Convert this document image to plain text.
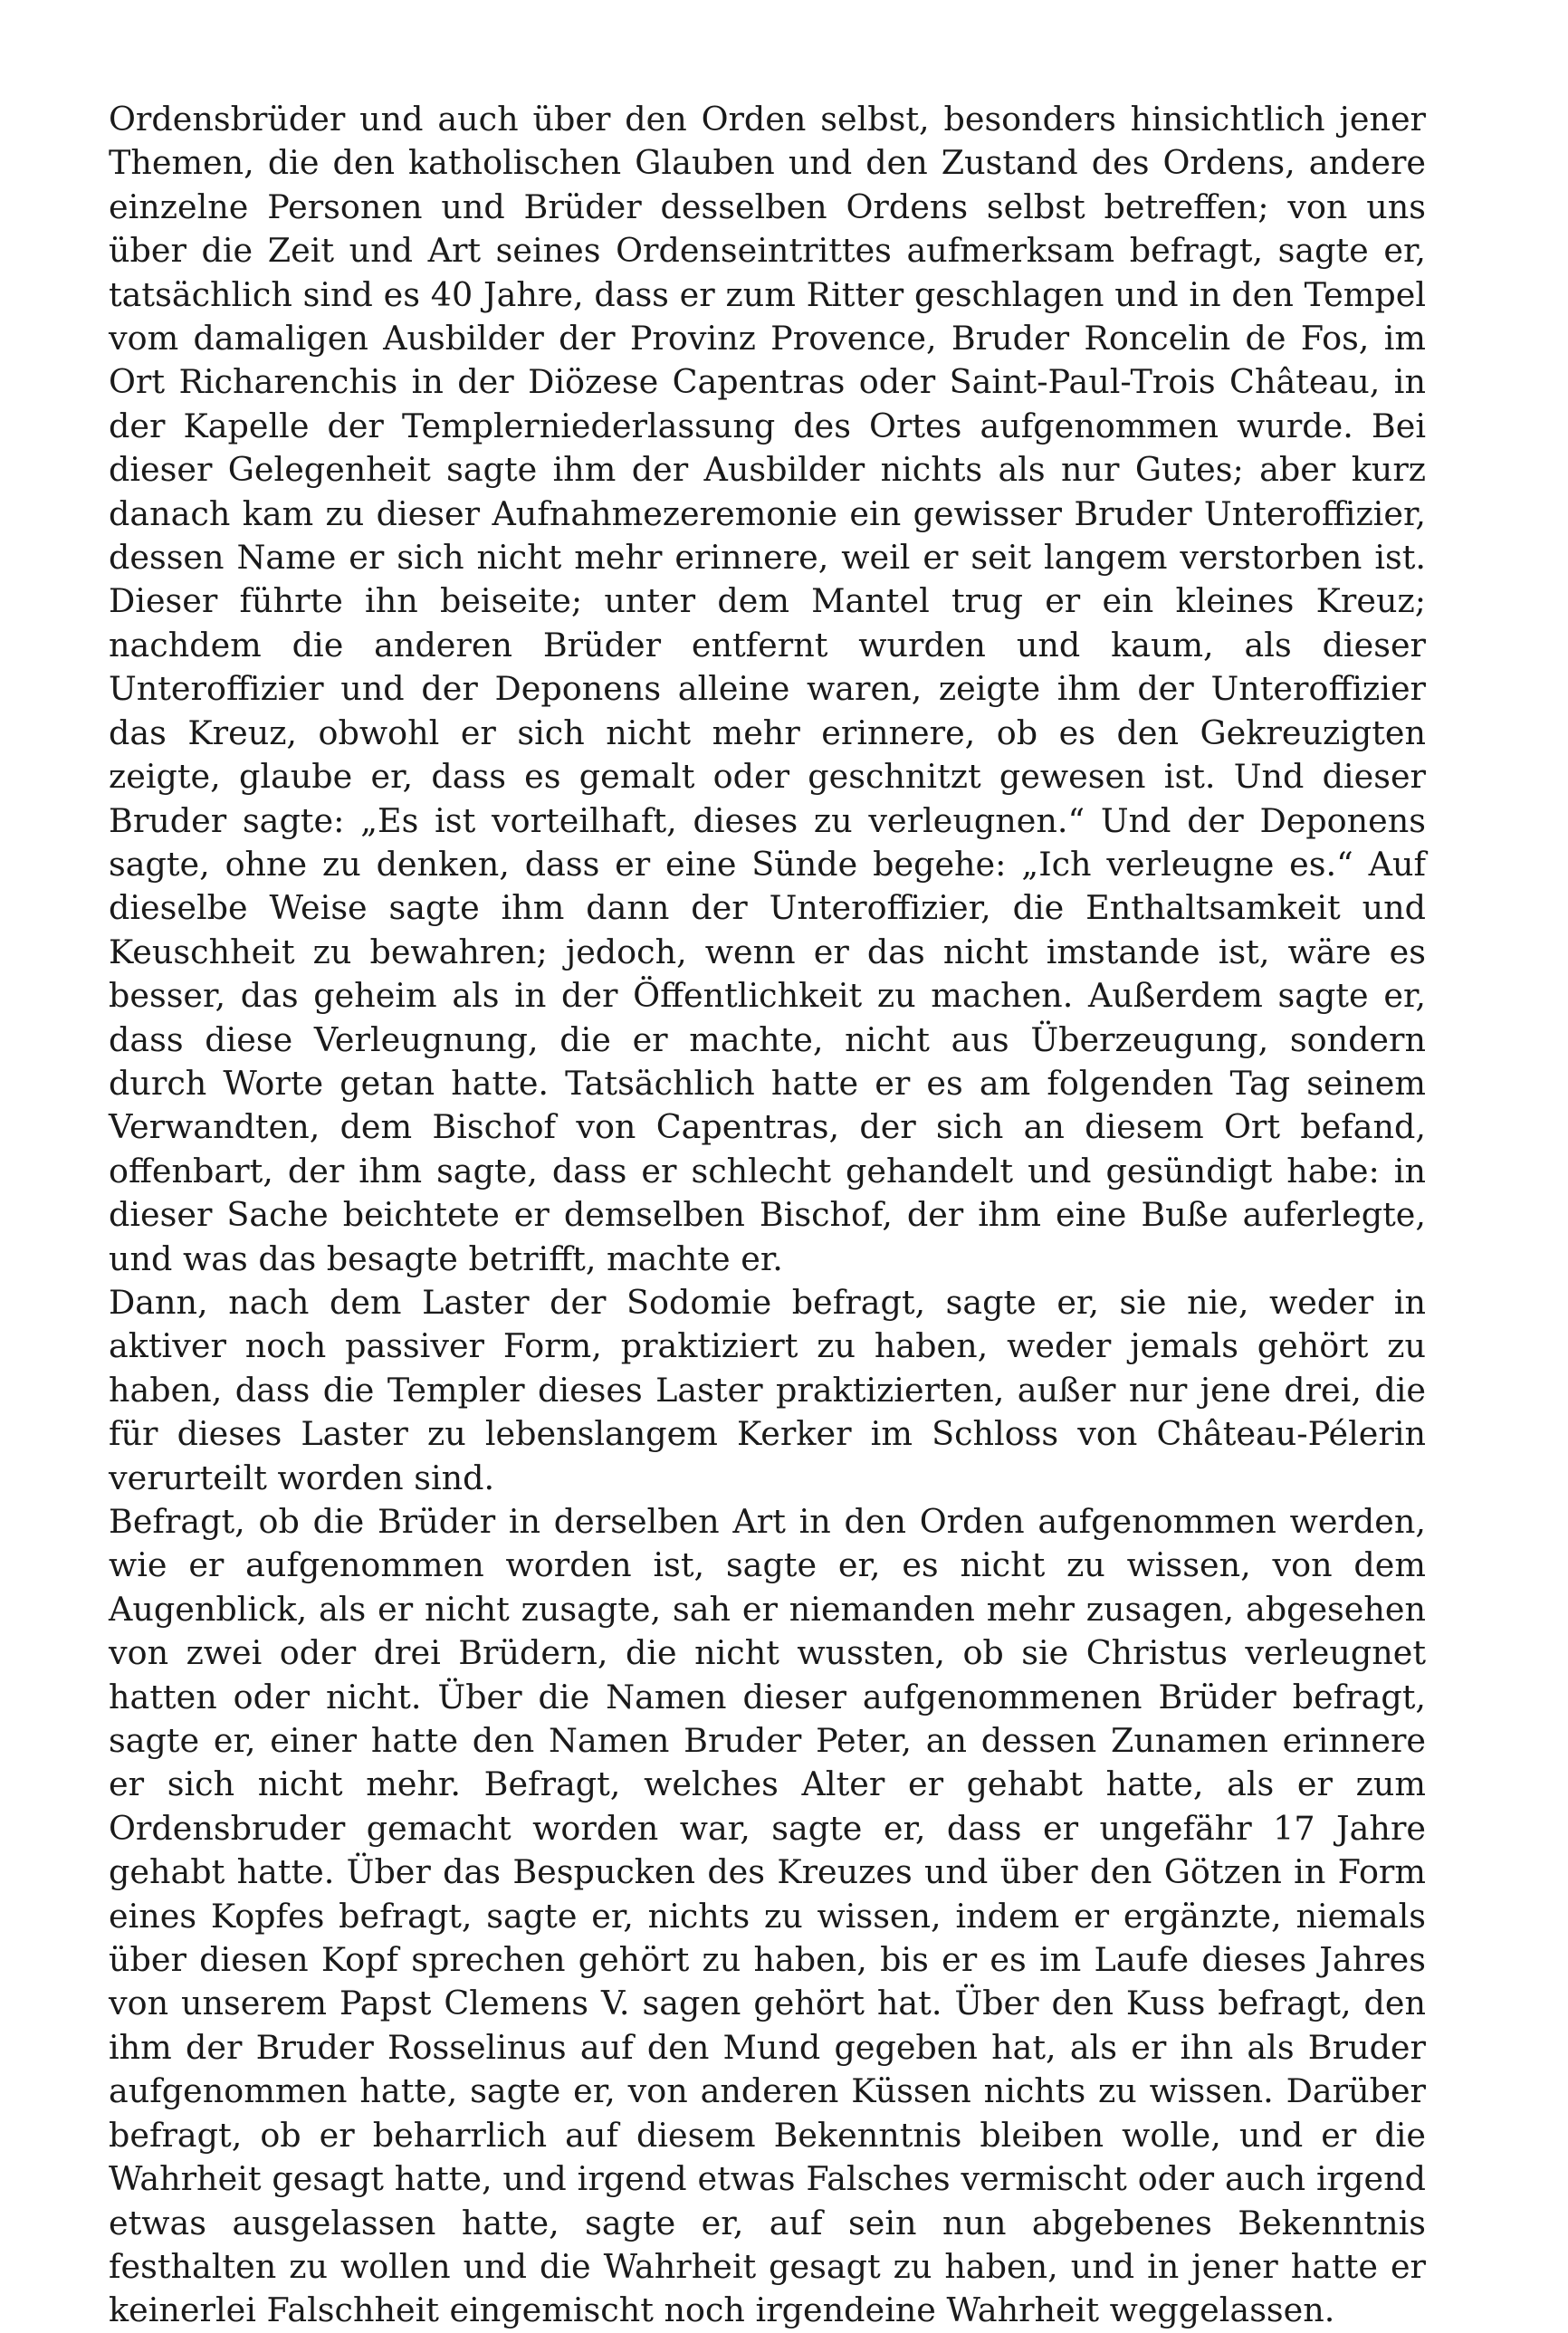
Ordensbrüder und auch über den Orden selbst, besonders hinsichtlich jener Themen, die den katholischen Glauben und den Zustand des Ordens, andere einzelne Personen und Brüder desselben Ordens selbst betreffen; von uns über die Zeit und Art seines Ordenseintrittes aufmerksam befragt, sagte er, tatsächlich sind es 40 Jahre, dass er zum Ritter geschlagen und in den Tempel vom damaligen Ausbilder der Provinz Provence, Bruder Roncelin de Fos, im Ort Richarenchis in der Diözese Capentras oder Saint-Paul-Trois Château, in der Kapelle der Templerniederlassung des Ortes aufgenommen wurde. Bei dieser Gelegenheit sagte ihm der Ausbilder nichts als nur Gutes; aber kurz danach kam zu dieser Aufnahmezeremonie ein gewisser Bruder Unteroffizier, dessen Name er sich nicht mehr erinnere, weil er seit langem verstorben ist. Dieser führte ihn beiseite; unter dem Mantel trug er ein kleines Kreuz; nachdem die anderen Brüder entfernt wurden und kaum, als dieser Unteroffizier und der Deponens alleine waren, zeigte ihm der Unteroffizier das Kreuz, obwohl er sich nicht mehr erinnere, ob es den Gekreuzigten zeigte, glaube er, dass es gemalt oder geschnitzt gewesen ist. Und dieser Bruder sagte: „Es ist vorteilhaft, dieses zu verleugnen.“ Und der Deponens sagte, ohne zu denken, dass er eine Sünde begehe: „Ich verleugne es.“ Auf dieselbe Weise sagte ihm dann der Unteroffizier, die Enthaltsamkeit und Keuschheit zu bewahren; jedoch, wenn er das nicht imstande ist, wäre es besser, das geheim als in der Öffentlichkeit zu machen. Außerdem sagte er, dass diese Verleugnung, die er machte, nicht aus Überzeugung, sondern durch Worte getan hatte. Tatsächlich hatte er es am folgenden Tag seinem Verwandten, dem Bischof von Capentras, der sich an diesem Ort befand, offenbart, der ihm sagte, dass er schlecht gehandelt und gesündigt habe: in dieser Sache beichtete er demselben Bischof, der ihm eine Buße auferlegte, und was das besagte betrifft, machte er.

Dann, nach dem Laster der Sodomie befragt, sagte er, sie nie, weder in aktiver noch passiver Form, praktiziert zu haben, weder jemals gehört zu haben, dass die Templer dieses Laster praktizierten, außer nur jene drei, die für dieses Laster zu lebenslangem Kerker im Schloss von Château-Pélerin verurteilt worden sind.

Befragt, ob die Brüder in derselben Art in den Orden aufgenommen werden, wie er aufgenommen worden ist, sagte er, es nicht zu wissen, von dem Augenblick, als er nicht zusagte, sah er niemanden mehr zusagen, abgesehen von zwei oder drei Brüdern, die nicht wussten, ob sie Christus verleugnet hatten oder nicht. Über die Namen dieser aufgenommenen Brüder befragt, sagte er, einer hatte den Namen Bruder Peter, an dessen Zunamen erinnere er sich nicht mehr. Befragt, welches Alter er gehabt hatte, als er zum Ordensbruder gemacht worden war, sagte er, dass er ungefähr 17 Jahre gehabt hatte. Über das Bespucken des Kreuzes und über den Götzen in Form eines Kopfes befragt, sagte er, nichts zu wissen, indem er ergänzte, niemals über diesen Kopf sprechen gehört zu haben, bis er es im Laufe dieses Jahres von unserem Papst Clemens V. sagen gehört hat. Über den Kuss befragt, den ihm der Bruder Rosselinus auf den Mund gegeben hat, als er ihn als Bruder aufgenommen hatte, sagte er, von anderen Küssen nichts zu wissen. Darüber befragt, ob er beharrlich auf diesem Bekenntnis bleiben wolle, und er die Wahrheit gesagt hatte, und irgend etwas Falsches vermischt oder auch irgend etwas ausgelassen hatte, sagte er, auf sein nun abgebenes Bekenntnis festhalten zu wollen und die Wahrheit gesagt zu haben, und in jener hatte er keinerlei Falschheit eingemischt noch irgendeine Wahrheit weggelassen.
